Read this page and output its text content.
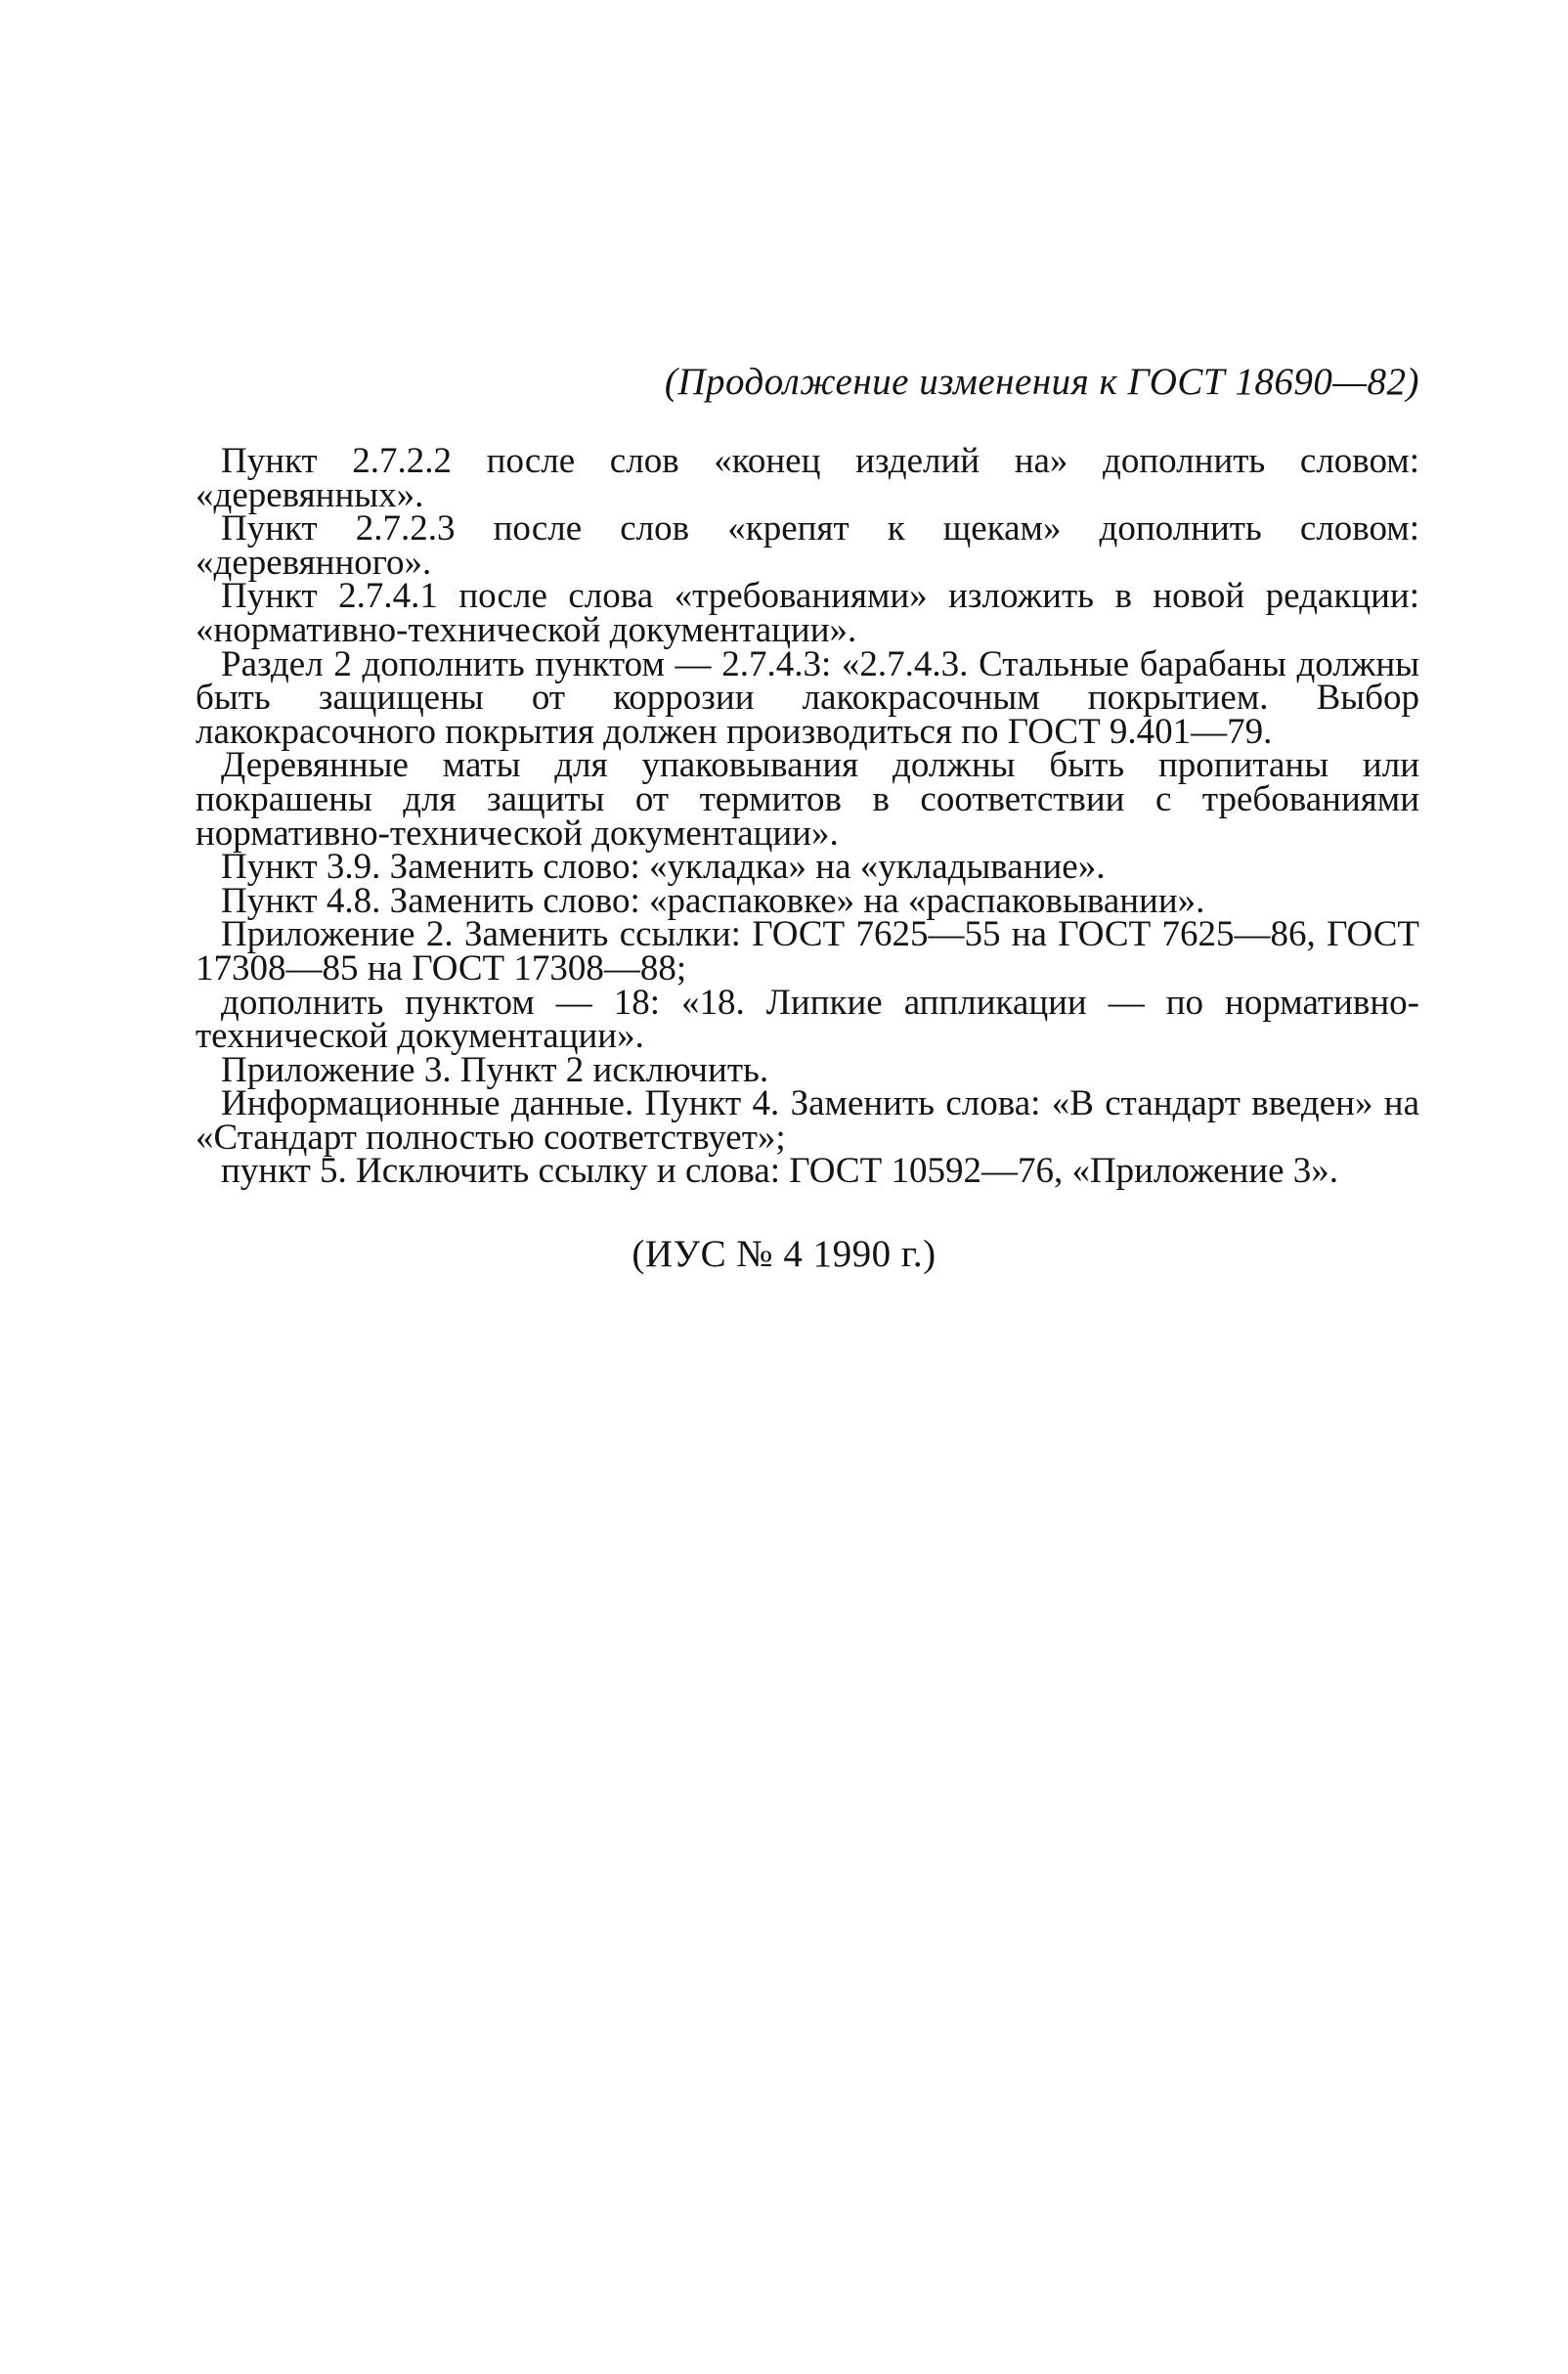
(Продолжение изменения к ГОСТ 18690—82)

Пункт 2.7.2.2 после слов «конец изделий на» дополнить словом: «деревянных».

Пункт 2.7.2.3 после слов «крепят к щекам» дополнить словом: «деревянного».

Пункт 2.7.4.1 после слова «требованиями» изложить в новой редакции: «нормативно-технической документации».

Раздел 2 дополнить пунктом — 2.7.4.3: «2.7.4.3. Стальные барабаны должны быть защищены от коррозии лакокрасочным покрытием. Выбор лакокрасочного покрытия должен производиться по ГОСТ 9.401—79.

Деревянные маты для упаковывания должны быть пропитаны или покрашены для защиты от термитов в соответствии с требованиями нормативно-технической документации».

Пункт 3.9. Заменить слово: «укладка» на «укладывание».

Пункт 4.8. Заменить слово: «распаковке» на «распаковывании».

Приложение 2. Заменить ссылки: ГОСТ 7625—55 на ГОСТ 7625—86, ГОСТ 17308—85 на ГОСТ 17308—88;

дополнить пунктом — 18: «18. Липкие аппликации — по нормативно-технической документации».

Приложение 3. Пункт 2 исключить.

Информационные данные. Пункт 4. Заменить слова: «В стандарт введен» на «Стандарт полностью соответствует»;

пункт 5. Исключить ссылку и слова: ГОСТ 10592—76, «Приложение 3».

(ИУС № 4 1990 г.)
